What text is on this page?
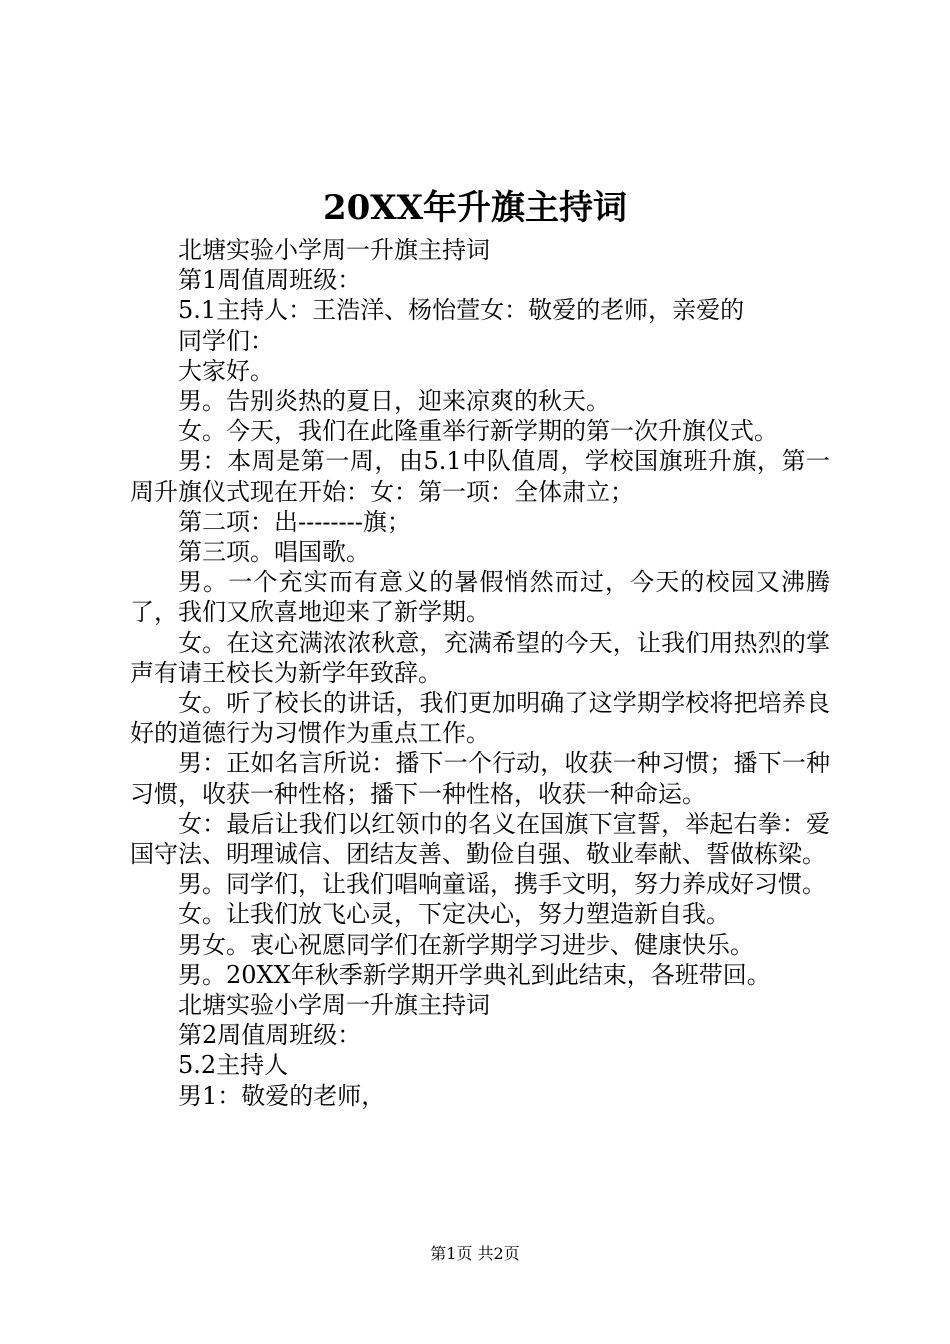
20XX年升旗主持词

北塘实验小学周一升旗主持词

第1周值周班级：

5.1主持人：王浩洋、杨怡萱女：敬爱的老师，亲爱的

同学们：

大家好。

男。告别炎热的夏日，迎来凉爽的秋天。

女。今天，我们在此隆重举行新学期的第一次升旗仪式。

男：本周是第一周，由5.1中队值周，学校国旗班升旗，第一周升旗仪式现在开始：女：第一项：全体肃立；

第二项：出--------旗；

第三项。唱国歌。

男。一个充实而有意义的暑假悄然而过，今天的校园又沸腾了，我们又欣喜地迎来了新学期。

女。在这充满浓浓秋意，充满希望的今天，让我们用热烈的掌声有请王校长为新学年致辞。

女。听了校长的讲话，我们更加明确了这学期学校将把培养良好的道德行为习惯作为重点工作。

男：正如名言所说：播下一个行动，收获一种习惯；播下一种习惯，收获一种性格；播下一种性格，收获一种命运。

女：最后让我们以红领巾的名义在国旗下宣誓，举起右拳：爱国守法、明理诚信、团结友善、勤俭自强、敬业奉献、誓做栋梁。

男。同学们，让我们唱响童谣，携手文明，努力养成好习惯。

女。让我们放飞心灵，下定决心，努力塑造新自我。

男女。衷心祝愿同学们在新学期学习进步、健康快乐。

男。20XX年秋季新学期开学典礼到此结束，各班带回。

北塘实验小学周一升旗主持词

第2周值周班级：

5.2主持人

男1：敬爱的老师，

第1页 共2页
